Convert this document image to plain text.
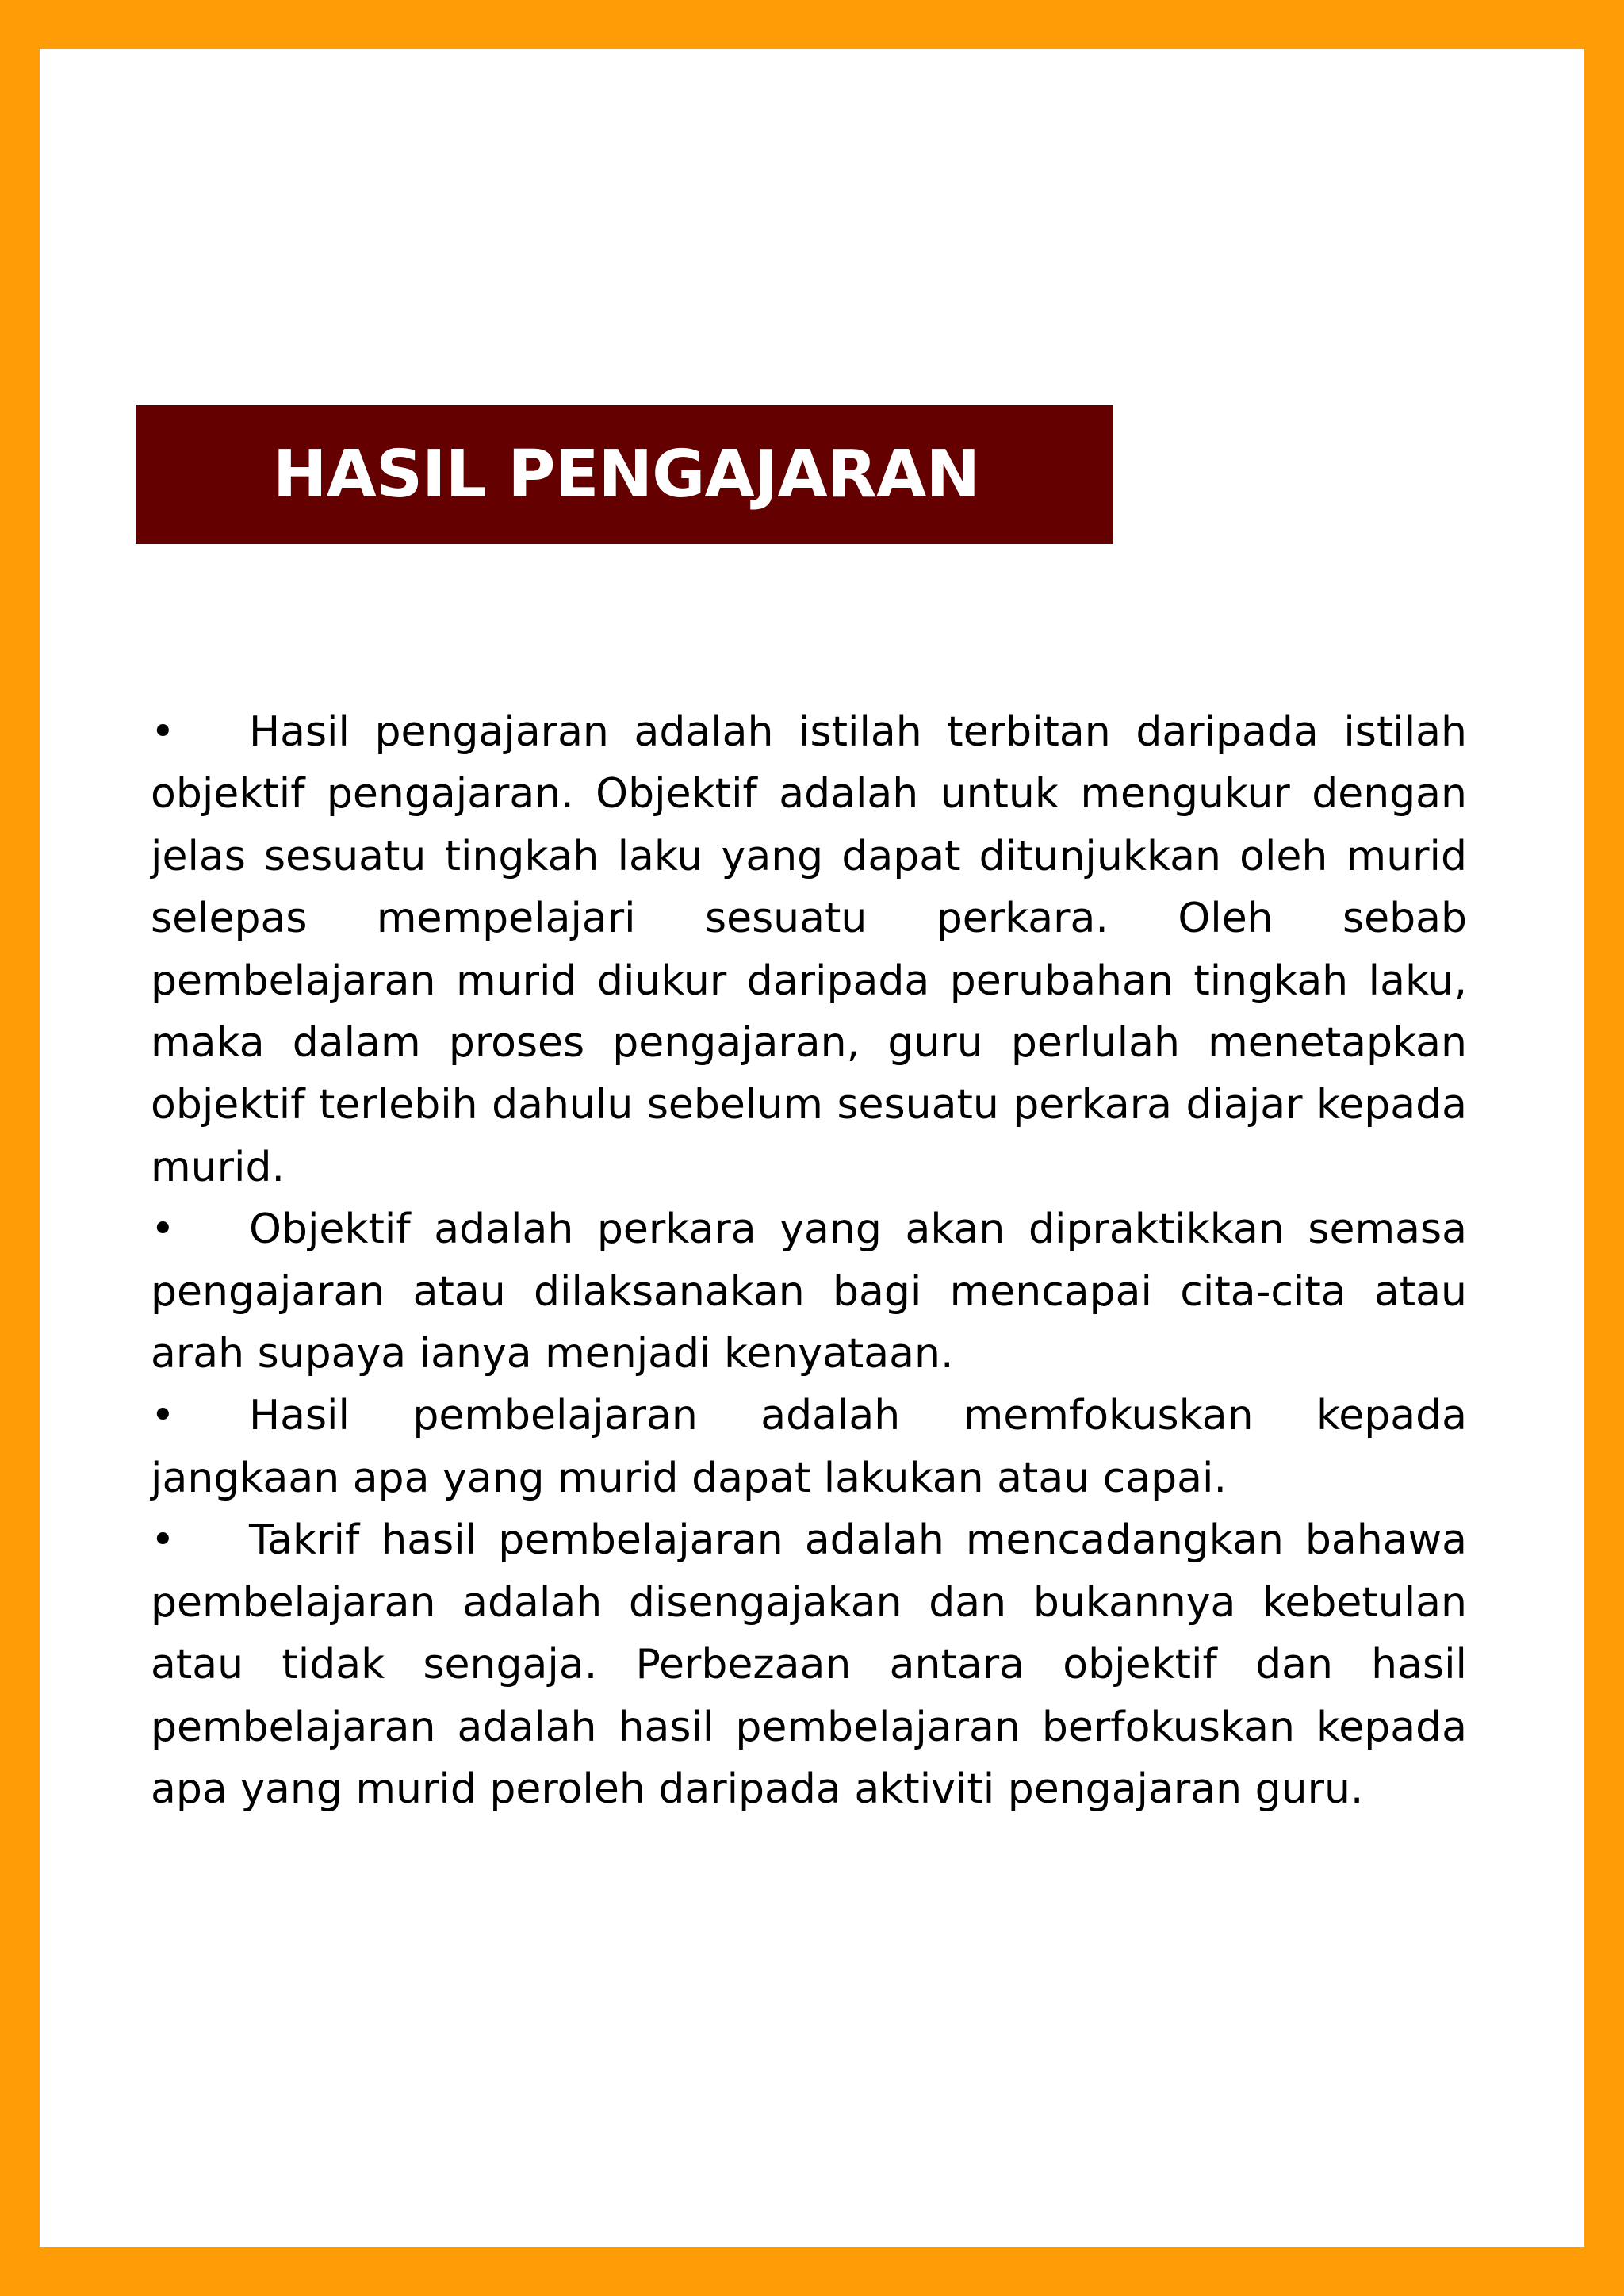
HASIL PENGAJARAN

• Hasil pengajaran adalah istilah terbitan daripada istilah objektif pengajaran. Objektif adalah untuk mengukur dengan jelas sesuatu tingkah laku yang dapat ditunjukkan oleh murid selepas mempelajari sesuatu perkara. Oleh sebab pembelajaran murid diukur daripada perubahan tingkah laku, maka dalam proses pengajaran, guru perlulah menetapkan objektif terlebih dahulu sebelum sesuatu perkara diajar kepada murid.

• Objektif adalah perkara yang akan dipraktikkan semasa pengajaran atau dilaksanakan bagi mencapai cita-cita atau arah supaya ianya menjadi kenyataan.

• Hasil pembelajaran adalah memfokuskan kepada jangkaan apa yang murid dapat lakukan atau capai.

• Takrif hasil pembelajaran adalah mencadangkan bahawa pembelajaran adalah disengajakan dan bukannya kebetulan atau tidak sengaja. Perbezaan antara objektif dan hasil pembelajaran adalah hasil pembelajaran berfokuskan kepada apa yang murid peroleh daripada aktiviti pengajaran guru.
